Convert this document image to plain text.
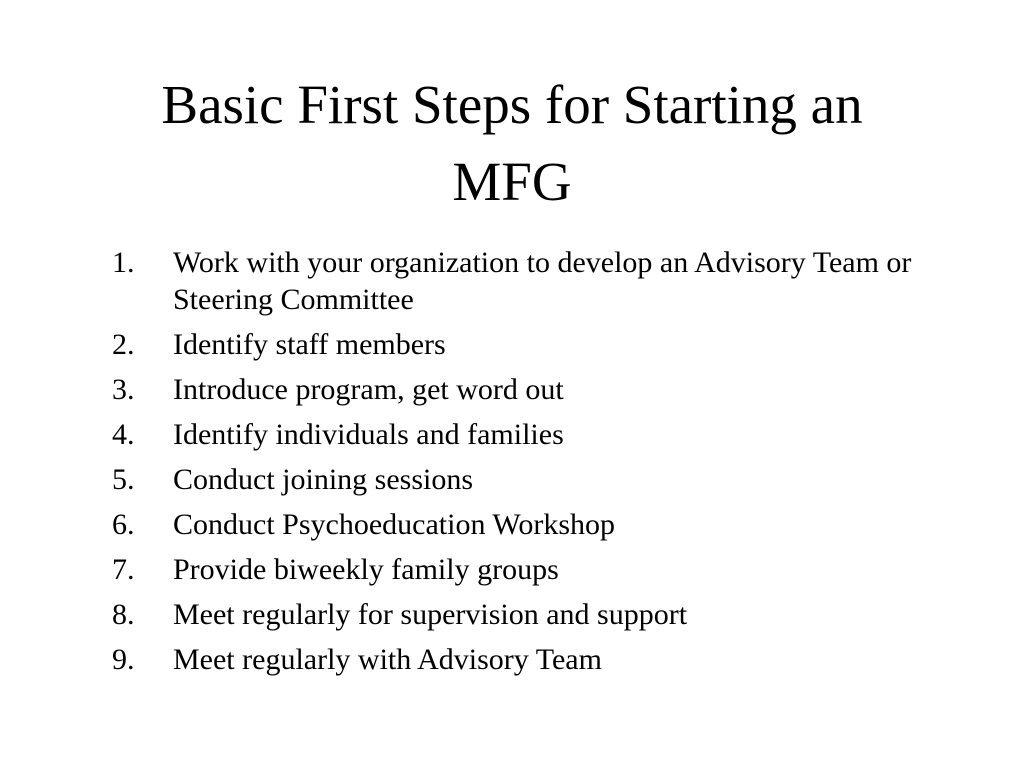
Basic First Steps for Starting an
MFG
1.	Work with your organization to develop an Advisory Team or Steering Committee
2.	Identify staff members
3.	Introduce program, get word out
4.	Identify individuals and families
5.	Conduct joining sessions
6.	Conduct Psychoeducation Workshop
7.	Provide biweekly family groups
8.	Meet regularly for supervision and support
9.	Meet regularly with Advisory Team
